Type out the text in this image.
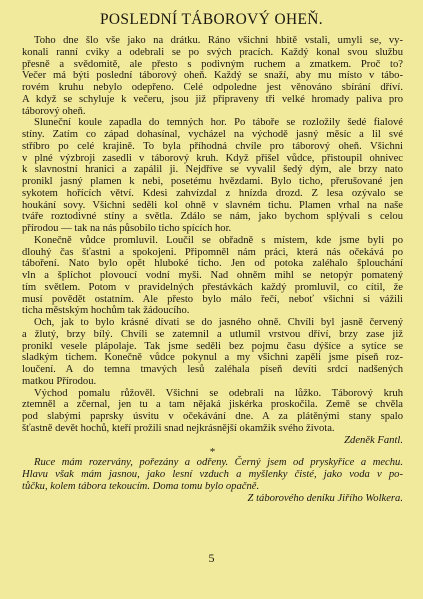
POSLEDNÍ TÁBOROVÝ OHEŇ.
Toho dne šlo vše jako na drátku. Ráno všichni hbitě vstali, umyli se, vy-
konali ranní cviky a odebrali se po svých pracích. Každý konal svou službu
přesně a svědomitě, ale přesto s podivným ruchem a zmatkem. Proč to?
Večer má býti poslední táborový oheň. Každý se snaží, aby mu místo v tábo-
rovém kruhu nebylo odepřeno. Celé odpoledne jest věnováno sbírání dříví.
A když se schyluje k večeru, jsou již připraveny tři velké hromady paliva pro
táborový oheň.
Sluneční koule zapadla do temných hor. Po tábořе se rozložily šedé fialové
stíny. Zatím co západ dohasínal, vycházel na východě jasný měsíc a lil své
stříbro po celé krajině. To byla příhodná chvíle pro táborový oheň. Všichni
v plné výzbroji zasedli v táborový kruh. Když přišel vůdce, přistoupil ohnivec
k slavnostní hranici a zapálil ji. Nejdříve se vyvalil šedý dým, ale brzy nato
pronikl jasný plamen k nebi, posetému hvězdami. Bylo ticho, přerušované jen
sykotem hořících větví. Kdesi zahvízdal z hnízda drozd. Z lesa ozývalo se
houkání sovy. Všichni seděli kol ohně v slavném tichu. Plamen vrhal na naše
tváře roztodivné stíny a světla. Zdálo se nám, jako bychom splývali s celou
přírodou — tak na nás působilo ticho spících hor.
Konečně vůdce promluvil. Loučil se obřadně s místem, kde jsme byli po
dlouhý čas šťastni a spokojeni. Připomněl nám práci, která nás očekává po
táboření. Nato bylo opět hluboké ticho. Jen od potoka zaléhalo šplouchání
vln a šplíchot plovoucí vodní myši. Nad ohněm mihl se netopýr pomatený
tím světlem. Potom v pravidelných přestávkách každý promluvil, co cítil, že
musí povědět ostatním. Ale přesto bylo málo řečí, neboť všichni si vážili
ticha městským hochům tak žádoucího.
Och, jak to bylo krásné dívati se do jasného ohně. Chvíli byl jasně červený
a žlutý, brzy bílý. Chvíli se zatemnil a utlumil vrstvou dříví, brzy zase již
pronikl vesele plápolaje. Tak jsme seděli bez pojmu času dýšíce a sytíce se
sladkým tichem. Konečně vůdce pokynul a my všichni zapěli jsme píseň roz-
loučení. A do temna tmavých lesů zaléhala píseň devíti srdcí nadšených
matkou Přírodou.
Východ pomalu růžověl. Všichni se odebrali na lůžko. Táborový kruh
ztemněl a zčernal, jen tu a tam nějaká jiskérka proskočila. Země se chvěla
pod slabými paprsky úsvitu v očekávání dne. A za plátěnými stany spalo
šťastně devět hochů, kteří prožili snad nejkrásnější okamžik svého života.
Zdeněk Fantl.
*
Ruce mám rozervány, pořezány a odřeny. Černý jsem od pryskyřice a mechu.
Hlavu však mám jasnou, jako lesní vzduch a myšlenky čisté, jako voda v po-
tůčku, kolem tábora tekoucím. Doma tomu bylo opačně.
Z táborového deníku Jiřího Wolkera.
5
